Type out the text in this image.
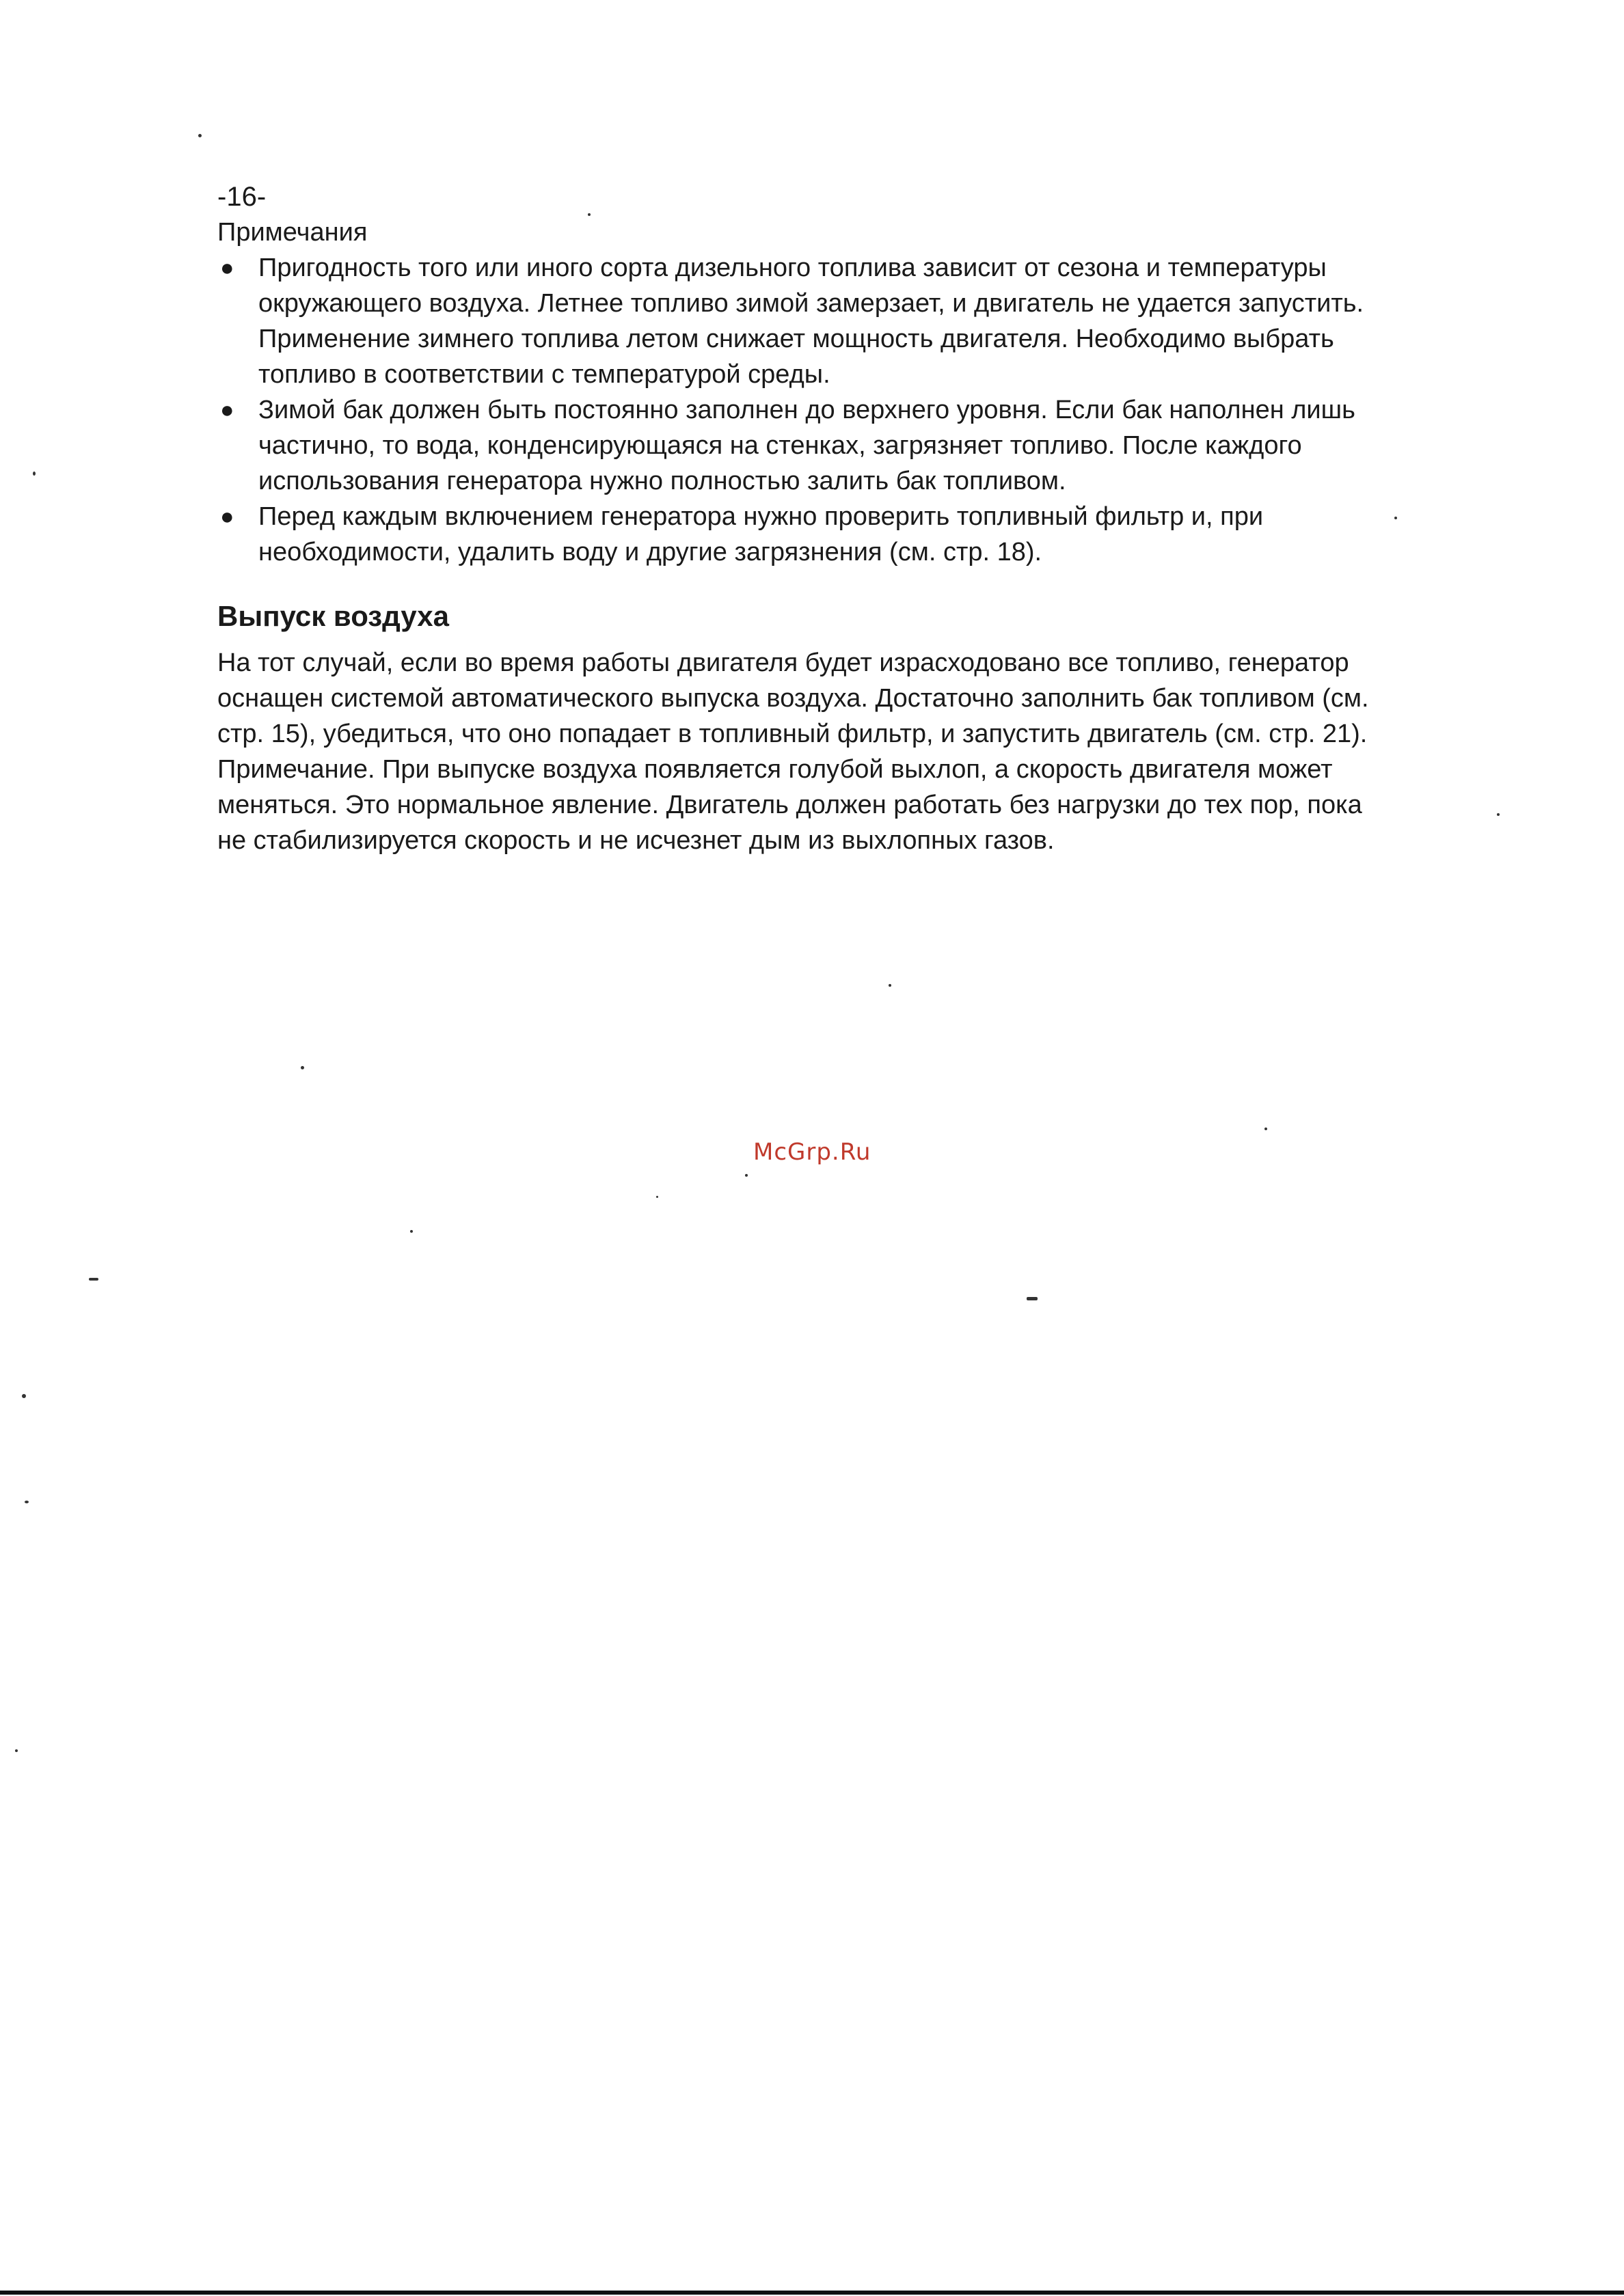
-16-

Примечания
● Пригодность того или иного сорта дизельного топлива зависит от сезона и температуры окружающего воздуха. Летнее топливо зимой замерзает, и двигатель не удается запустить. Применение зимнего топлива летом снижает мощность двигателя. Необходимо выбрать топливо в соответствии с температурой среды.
● Зимой бак должен быть постоянно заполнен до верхнего уровня. Если бак наполнен лишь частично, то вода, конденсирующаяся на стенках, загрязняет топливо. После каждого использования генератора нужно полностью залить бак топливом.
● Перед каждым включением генератора нужно проверить топливный фильтр и, при необходимости, удалить воду и другие загрязнения (см. стр. 18).
Выпуск воздуха

На тот случай, если во время работы двигателя будет израсходовано все топливо, генератор оснащен системой автоматического выпуска воздуха. Достаточно заполнить бак топливом (см. стр. 15), убедиться, что оно попадает в топливный фильтр, и запустить двигатель (см. стр. 21).

Примечание. При выпуске воздуха появляется голубой выхлоп, а скорость двигателя может меняться. Это нормальное явление. Двигатель должен работать без нагрузки до тех пор, пока не стабилизируется скорость и не исчезнет дым из выхлопных газов.

McGrp.Ru
